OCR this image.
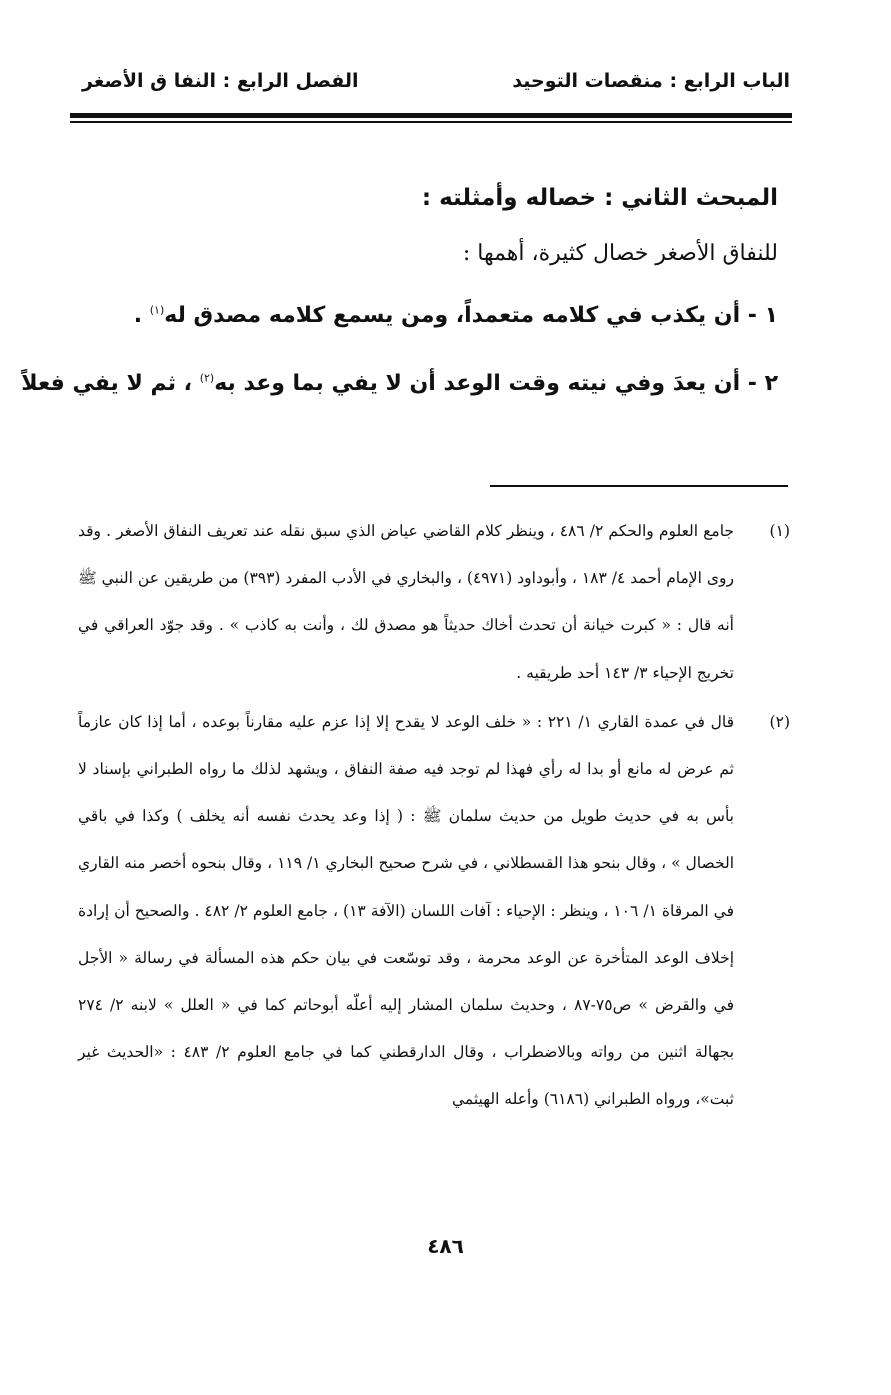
الباب الرابع : منقصات التوحيد
الفصل الرابع : النفا ق الأصغر
المبحث الثاني : خصاله وأمثلته :
للنفاق الأصغر خصال كثيرة، أهمها :
١ - أن يكذب في كلامه متعمداً، ومن يسمع كلامه مصدق له$^{(١)}$ .
٢ - أن يعدَ وفي نيته وقت الوعد أن لا يفي بما وعد به$^{(٢)}$ ، ثم لا يفي فعلاً
(١)
جامع العلوم والحكم ٢/ ٤٨٦ ، وينظر كلام القاضي عياض الذي سبق نقله عند تعريف النفاق الأصغر . وقد روى الإمام أحمد ٤/ ١٨٣ ، وأبوداود (٤٩٧١) ، والبخاري في الأدب المفرد (٣٩٣) من طريقين عن النبي ﷺ أنه قال : « كبرت خيانة أن تحدث أخاك حديثاً هو مصدق لك ، وأنت به كاذب » . وقد جوّد العراقي في تخريج الإحياء ٣/ ١٤٣ أحد طريقيه .
(٢)
قال في عمدة القاري ١/ ٢٢١ : « خلف الوعد لا يقدح إلا إذا عزم عليه مقارناً بوعده ، أما إذا كان عازماً ثم عرض له مانع أو بدا له رأي فهذا لم توجد فيه صفة النفاق ، ويشهد لذلك ما رواه الطبراني بإسناد لا بأس به في حديث طويل من حديث سلمان ﷺ : ( إذا وعد يحدث نفسه أنه يخلف ) وكذا في باقي الخصال » ، وقال بنحو هذا القسطلاني ، في شرح صحيح البخاري ١/ ١١٩ ، وقال بنحوه أخصر منه القاري في المرقاة ١/ ١٠٦ ، وينظر : الإحياء : آفات اللسان (الآفة ١٣) ، جامع العلوم ٢/ ٤٨٢ . والصحيح أن إرادة إخلاف الوعد المتأخرة عن الوعد محرمة ، وقد توسّعت في بيان حكم هذه المسألة في رسالة « الأجل في والقرض » ص٧٥-٨٧ ، وحديث سلمان المشار إليه أعلّه أبوحاتم كما في « العلل » لابنه ٢/ ٢٧٤ بجهالة اثنين من رواته وبالاضطراب ، وقال الدارقطني كما في جامع العلوم ٢/ ٤٨٣ : «الحديث غير ثبت»، ورواه الطبراني (٦١٨٦) وأعله الهيثمي
٤٨٦
